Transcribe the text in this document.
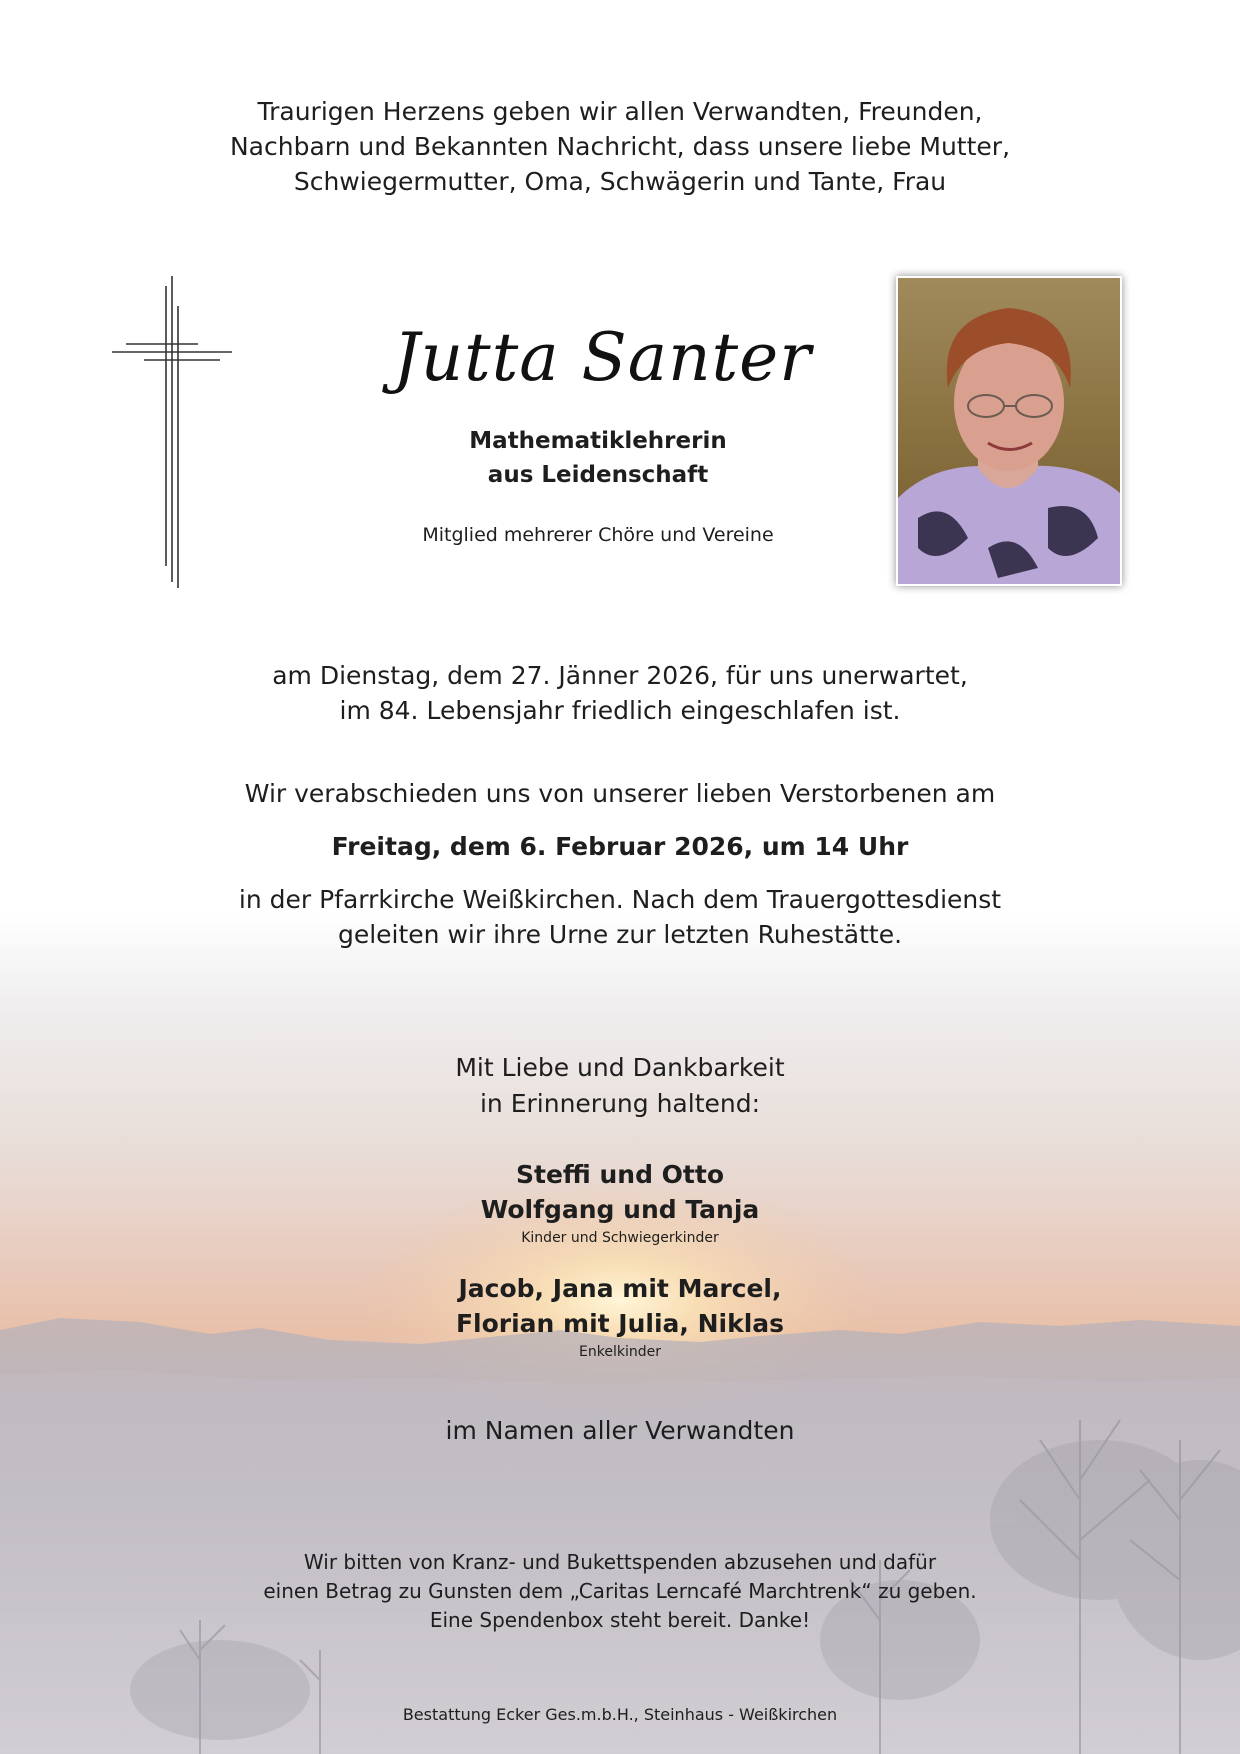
Traurigen Herzens geben wir allen Verwandten, Freunden,
Nachbarn und Bekannten Nachricht, dass unsere liebe Mutter,
Schwiegermutter, Oma, Schwägerin und Tante, Frau
Jutta Santer
Mathematiklehrerin
aus Leidenschaft
Mitglied mehrerer Chöre und Vereine
am Dienstag, dem 27. Jänner 2026, für uns unerwartet,
im 84. Lebensjahr friedlich eingeschlafen ist.
Wir verabschieden uns von unserer lieben Verstorbenen am
Freitag, dem 6. Februar 2026, um 14 Uhr
in der Pfarrkirche Weißkirchen. Nach dem Trauergottesdienst
geleiten wir ihre Urne zur letzten Ruhestätte.
Mit Liebe und Dankbarkeit
in Erinnerung haltend:
Steffi und Otto
Wolfgang und Tanja
Kinder und Schwiegerkinder
Jacob, Jana mit Marcel,
Florian mit Julia, Niklas
Enkelkinder
im Namen aller Verwandten
Wir bitten von Kranz- und Bukettspenden abzusehen und dafür
einen Betrag zu Gunsten dem „Caritas Lerncafé Marchtrenk“ zu geben.
Eine Spendenbox steht bereit. Danke!
Bestattung Ecker Ges.m.b.H., Steinhaus - Weißkirchen
